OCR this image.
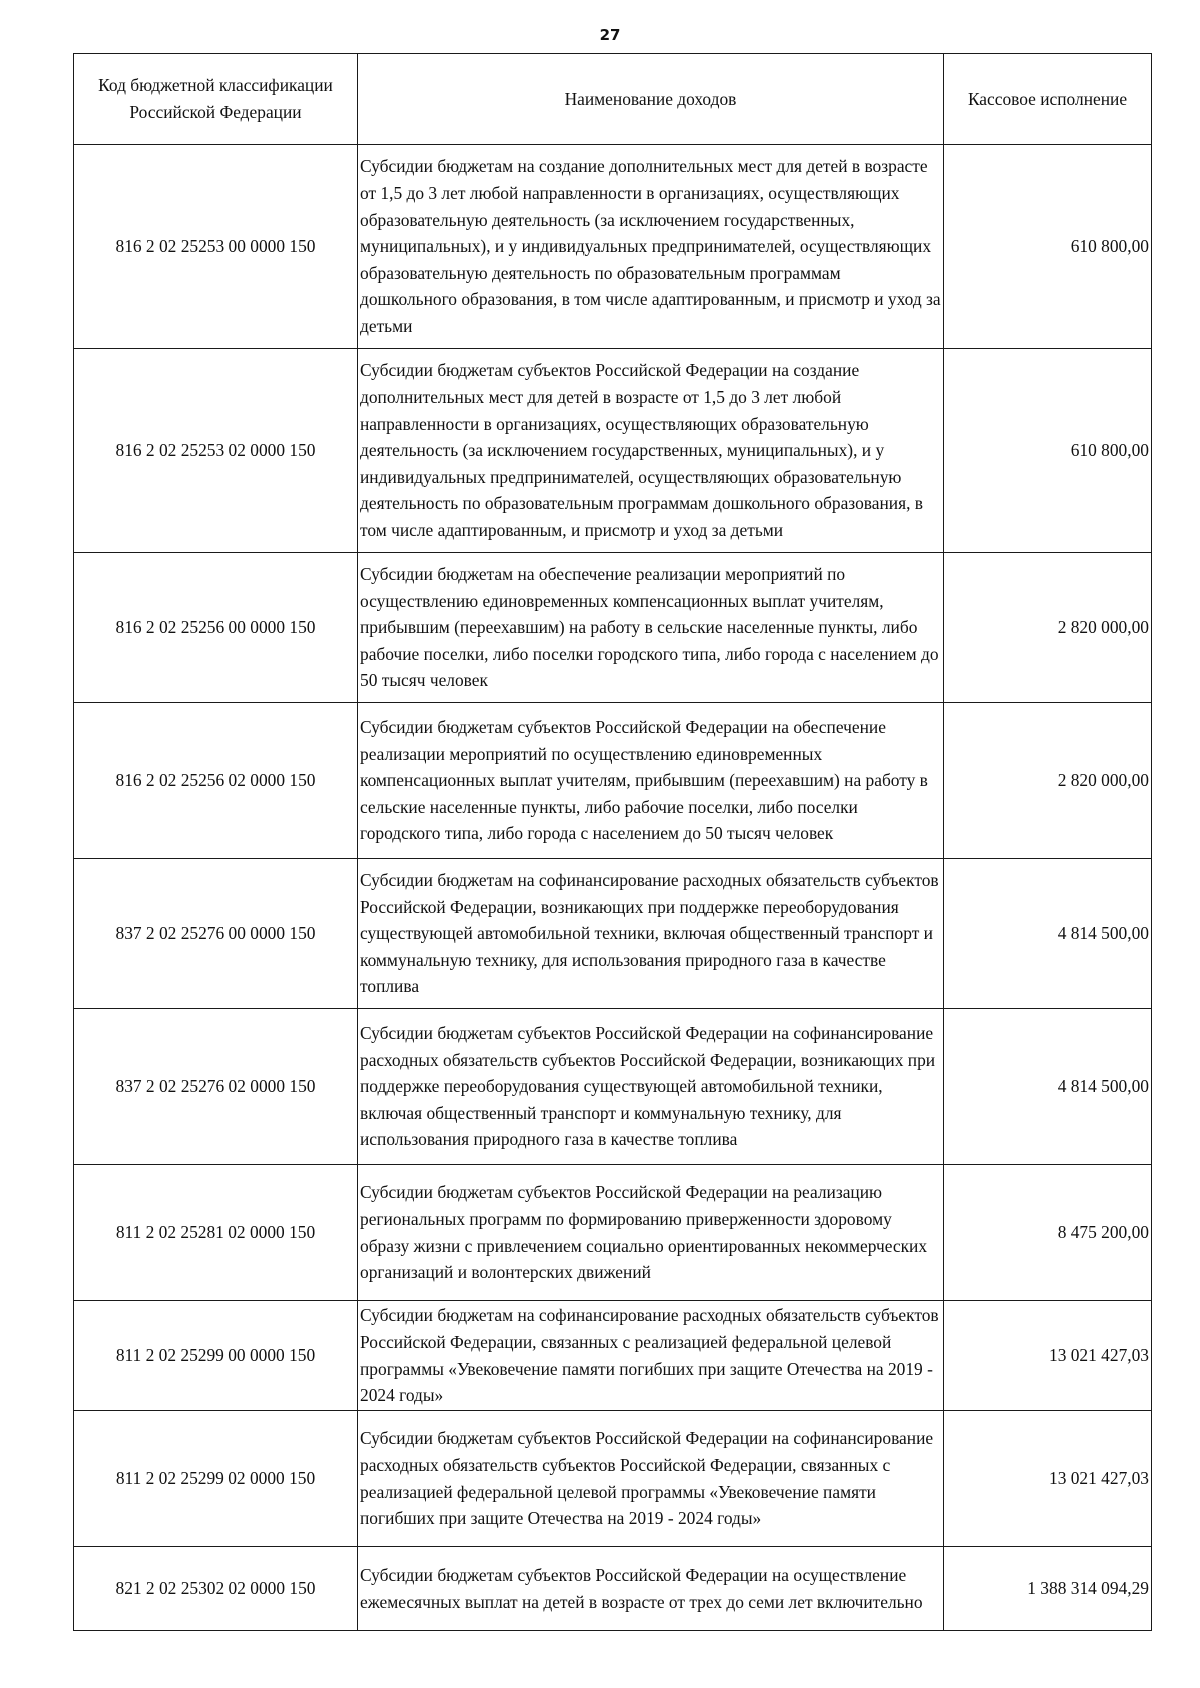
27
Код бюджетной классификации Российской Федерации	Наименование доходов	Кассовое исполнение
816 2 02 25253 00 0000 150	Субсидии бюджетам на создание дополнительных мест для детей в возрасте от 1,5 до 3 лет любой направленности в организациях, осуществляющих образовательную деятельность (за исключением государственных, муниципальных), и у индивидуальных предпринимателей, осуществляющих образовательную деятельность по образовательным программам дошкольного образования, в том числе адаптированным, и присмотр и уход за детьми	610 800,00
816 2 02 25253 02 0000 150	Субсидии бюджетам субъектов Российской Федерации на создание дополнительных мест для детей в возрасте от 1,5 до 3 лет любой направленности в организациях, осуществляющих образовательную деятельность (за исключением государственных, муниципальных), и у индивидуальных предпринимателей, осуществляющих образовательную деятельность по образовательным программам дошкольного образования, в том числе адаптированным, и присмотр и уход за детьми	610 800,00
816 2 02 25256 00 0000 150	Субсидии бюджетам на обеспечение реализации мероприятий по осуществлению единовременных компенсационных выплат учителям, прибывшим (переехавшим) на работу в сельские населенные пункты, либо рабочие поселки, либо поселки городского типа, либо города с населением до 50 тысяч человек	2 820 000,00
816 2 02 25256 02 0000 150	Субсидии бюджетам субъектов Российской Федерации на обеспечение реализации мероприятий по осуществлению единовременных компенсационных выплат учителям, прибывшим (переехавшим) на работу в сельские населенные пункты, либо рабочие поселки, либо поселки городского типа, либо города с населением до 50 тысяч человек	2 820 000,00
837 2 02 25276 00 0000 150	Субсидии бюджетам на софинансирование расходных обязательств субъектов Российской Федерации, возникающих при поддержке переоборудования существующей автомобильной техники, включая общественный транспорт и коммунальную технику, для использования природного газа в качестве топлива	4 814 500,00
837 2 02 25276 02 0000 150	Субсидии бюджетам субъектов Российской Федерации на софинансирование расходных обязательств субъектов Российской Федерации, возникающих при поддержке переоборудования существующей автомобильной техники, включая общественный транспорт и коммунальную технику, для использования природного газа в качестве топлива	4 814 500,00
811 2 02 25281 02 0000 150	Субсидии бюджетам субъектов Российской Федерации на реализацию региональных программ по формированию приверженности здоровому образу жизни с привлечением социально ориентированных некоммерческих организаций и волонтерских движений	8 475 200,00
811 2 02 25299 00 0000 150	Субсидии бюджетам на софинансирование расходных обязательств субъектов Российской Федерации, связанных с реализацией федеральной целевой программы «Увековечение памяти погибших при защите Отечества на 2019 - 2024 годы»	13 021 427,03
811 2 02 25299 02 0000 150	Субсидии бюджетам субъектов Российской Федерации на софинансирование расходных обязательств субъектов Российской Федерации, связанных с реализацией федеральной целевой программы «Увековечение памяти погибших при защите Отечества на 2019 - 2024 годы»	13 021 427,03
821 2 02 25302 02 0000 150	Субсидии бюджетам субъектов Российской Федерации на осуществление ежемесячных выплат на детей в возрасте от трех до семи лет включительно	1 388 314 094,29
